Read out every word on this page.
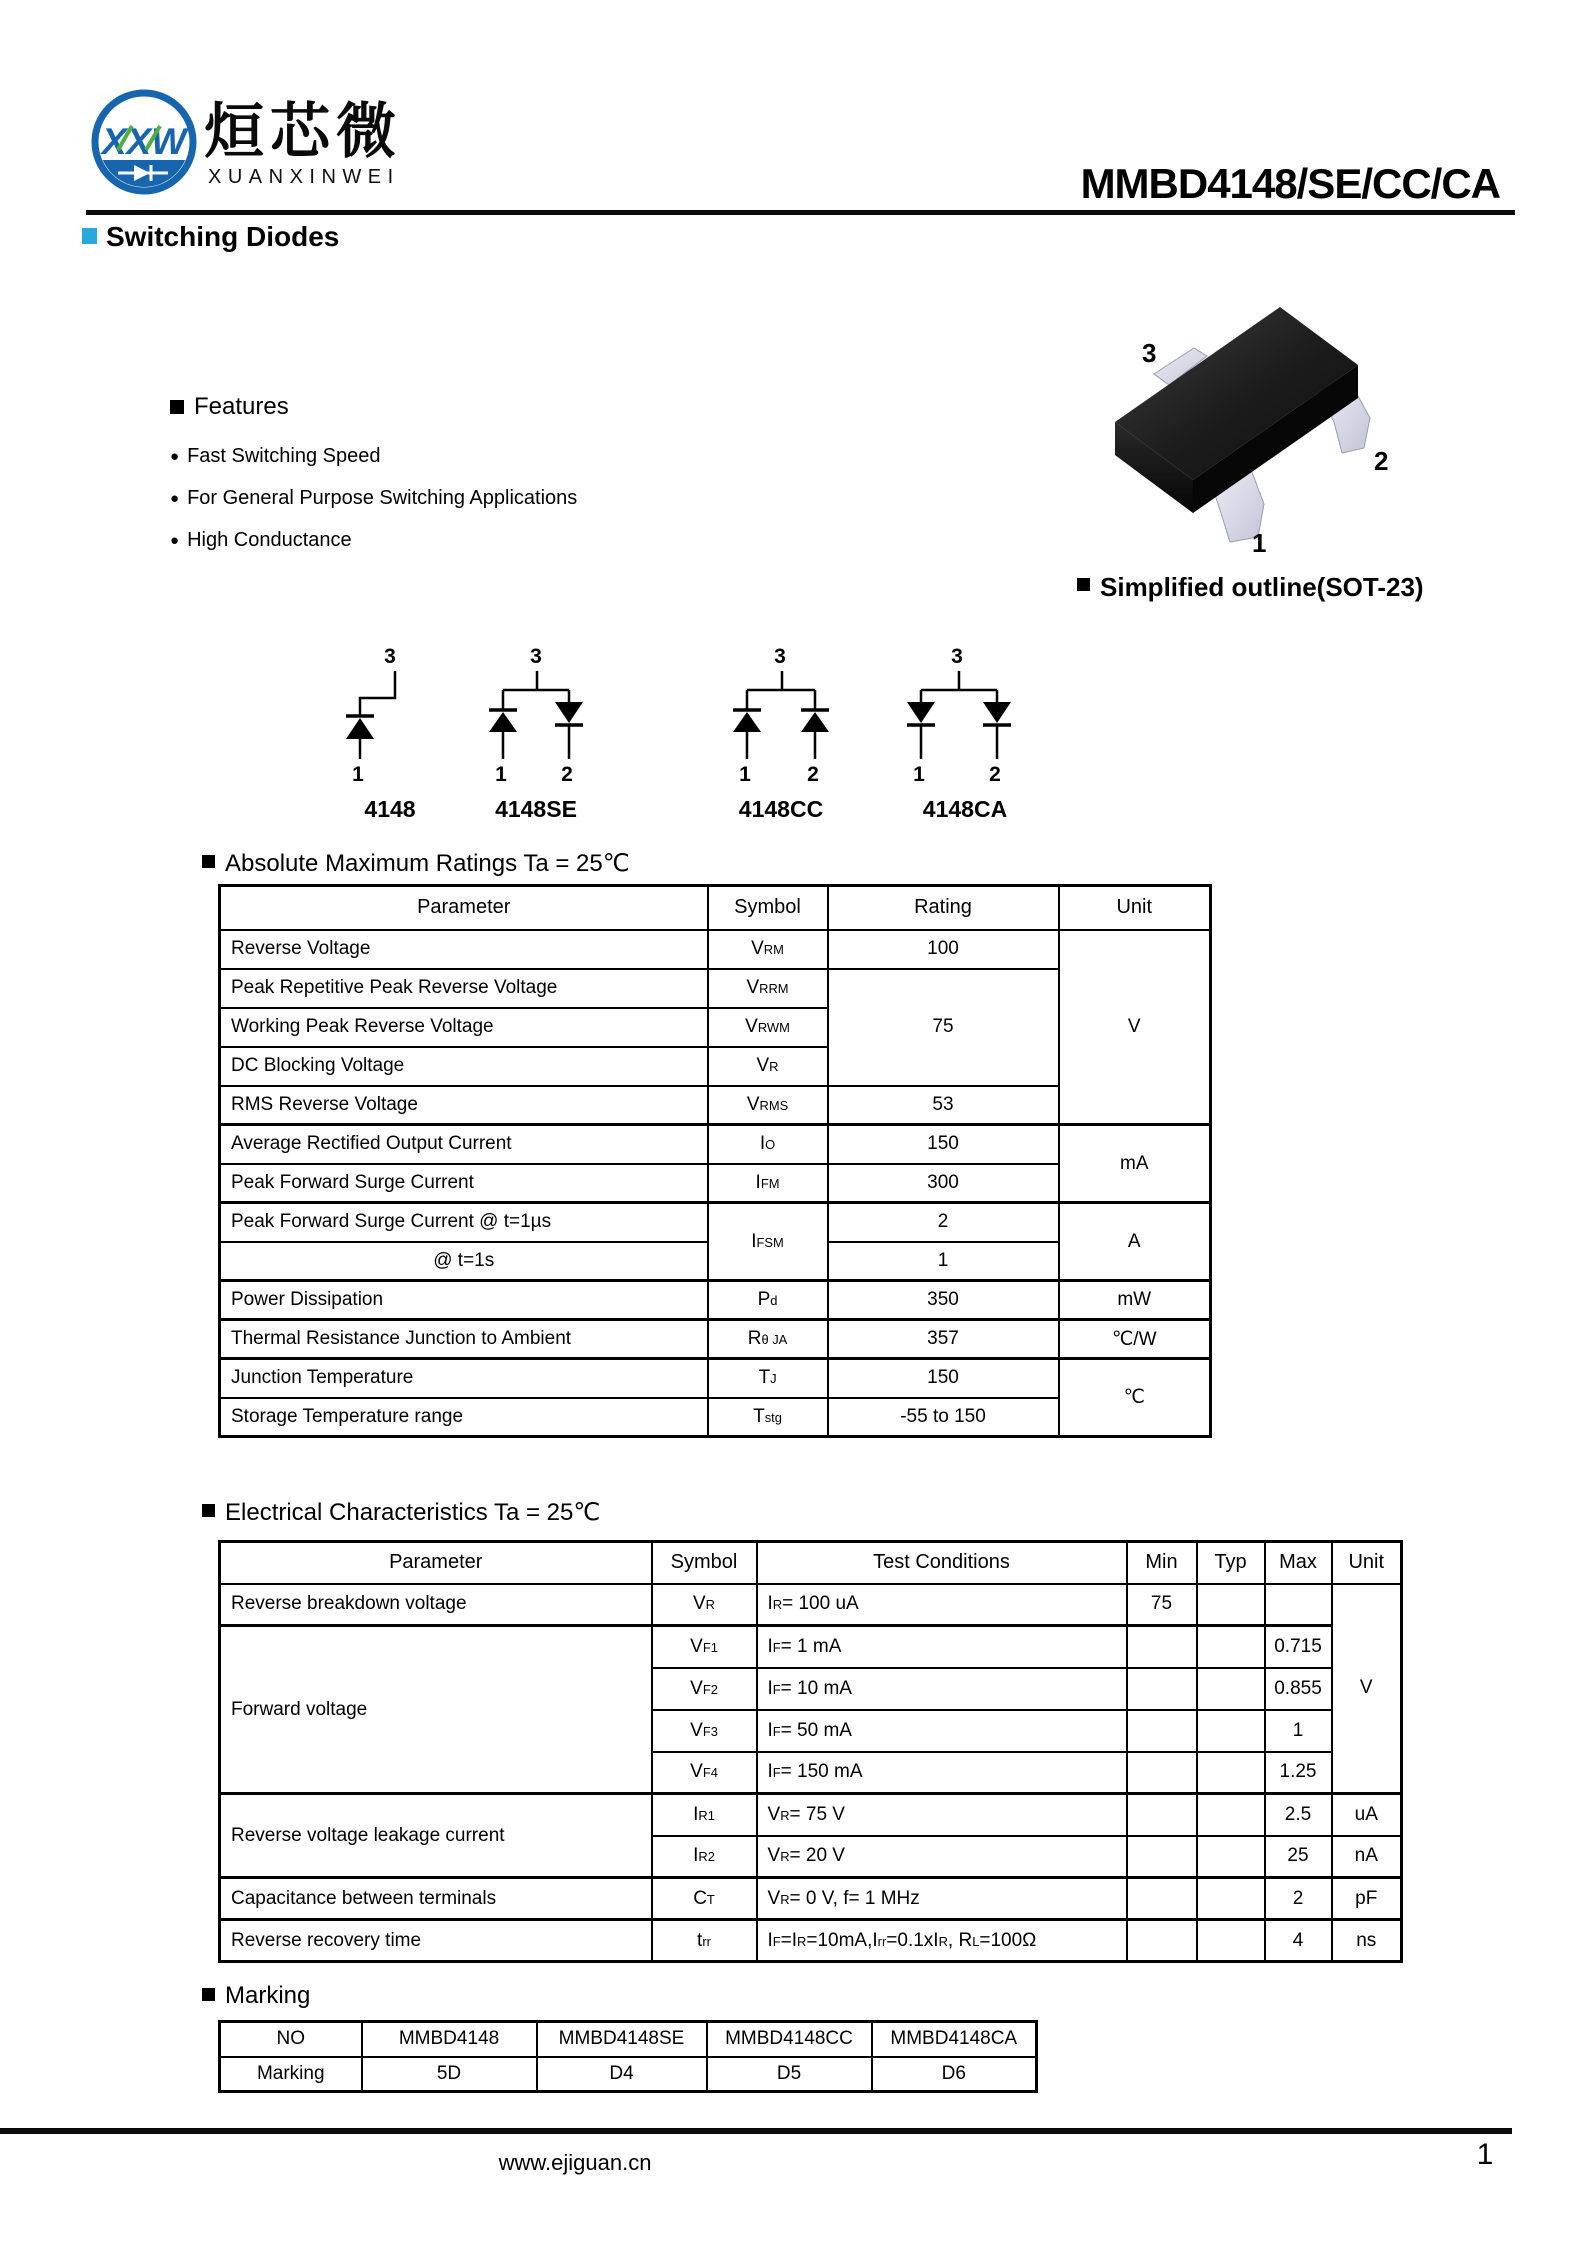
XXW 烜芯微
XUANXINWEI	MMBD4148/SE/CC/CA
Switching Diodes
Features
● Fast Switching Speed
● For General Purpose Switching Applications
● High Conductance
3
2
1
Simplified outline(SOT-23)
3
1
3
1	2
3
1	2
3
1	2
4148	4148SE	4148CC	4148CA
Absolute Maximum Ratings Ta = 25℃
Parameter	Symbol	Rating	Unit
Reverse Voltage	VRM	100	V
Peak Repetitive Peak Reverse Voltage	VRRM	75	
Working Peak Reverse Voltage	VRWM		
DC Blocking Voltage	VR		
RMS Reverse Voltage	VRMS	53	
Average Rectified Output Current	IO	150	mA
Peak Forward Surge Current	IFM	300	
Peak Forward Surge Current @ t=1µs	IFSM	2	A
@ t=1s		1	
Power Dissipation	Pd	350	mW
Thermal Resistance Junction to Ambient	Rθ JA	357	℃/W
Junction Temperature	TJ	150	℃
Storage Temperature range	Tstg	-55 to 150	
Electrical Characteristics Ta = 25℃
Parameter	Symbol	Test Conditions	Min	Typ	Max	Unit
Reverse breakdown voltage	VR	IR= 100 uA	75			V
Forward voltage	VF1	IF= 1 mA			0.715	
	VF2	IF= 10 mA			0.855	
	VF3	IF= 50 mA			1	
	VF4	IF= 150 mA			1.25	
Reverse voltage leakage current	IR1	VR= 75 V			2.5	uA
	IR2	VR= 20 V			25	nA
Capacitance between terminals	CT	VR= 0 V, f= 1 MHz			2	pF
Reverse recovery time	trr	IF=IR=10mA,Irr=0.1xIR, RL=100Ω			4	ns
Marking
NO	MMBD4148	MMBD4148SE	MMBD4148CC	MMBD4148CA
Marking	5D	D4	D5	D6
www.ejiguan.cn	1
